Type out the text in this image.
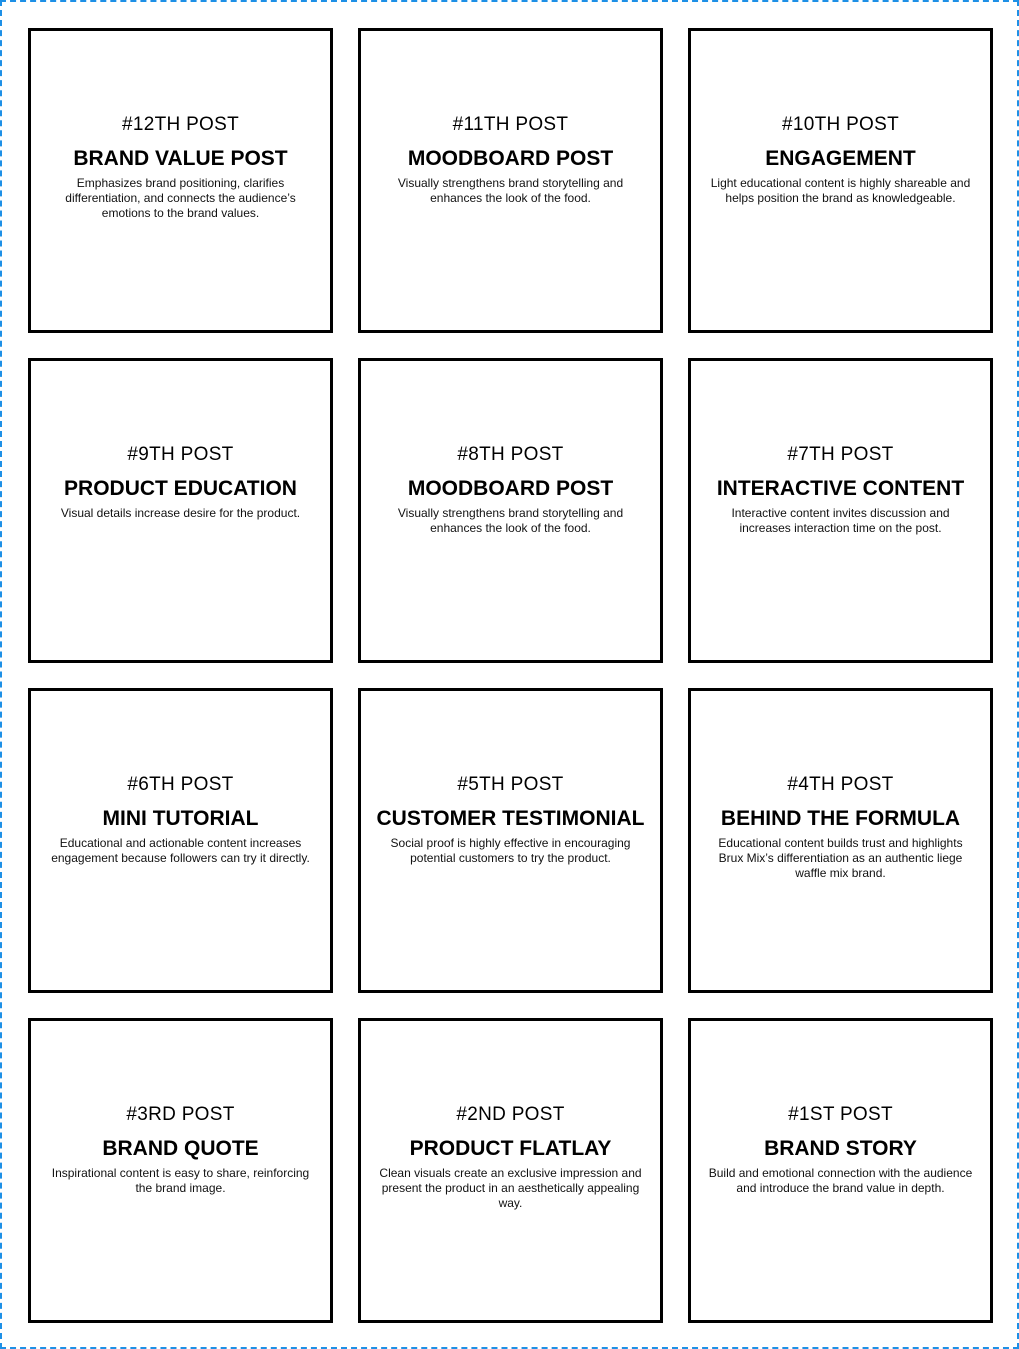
#12TH POST

BRAND VALUE POST

Emphasizes brand positioning, clarifies differentiation, and connects the audience’s emotions to the brand values.

#11TH POST

MOODBOARD POST

Visually strengthens brand storytelling and enhances the look of the food.

#10TH POST

ENGAGEMENT

Light educational content is highly shareable and helps position the brand as knowledgeable.

#9TH POST

PRODUCT EDUCATION

Visual details increase desire for the product.

#8TH POST

MOODBOARD POST

Visually strengthens brand storytelling and enhances the look of the food.

#7TH POST

INTERACTIVE CONTENT

Interactive content invites discussion and increases interaction time on the post.

#6TH POST

MINI TUTORIAL

Educational and actionable content increases engagement because followers can try it directly.

#5TH POST

CUSTOMER TESTIMONIAL

Social proof is highly effective in encouraging potential customers to try the product.

#4TH POST

BEHIND THE FORMULA

Educational content builds trust and highlights Brux Mix’s differentiation as an authentic liege waffle mix brand.

#3RD POST

BRAND QUOTE

Inspirational content is easy to share, reinforcing the brand image.

#2ND POST

PRODUCT FLATLAY

Clean visuals create an exclusive impression and present the product in an aesthetically appealing way.

#1ST POST

BRAND STORY

Build and emotional connection with the audience and introduce the brand value in depth.
